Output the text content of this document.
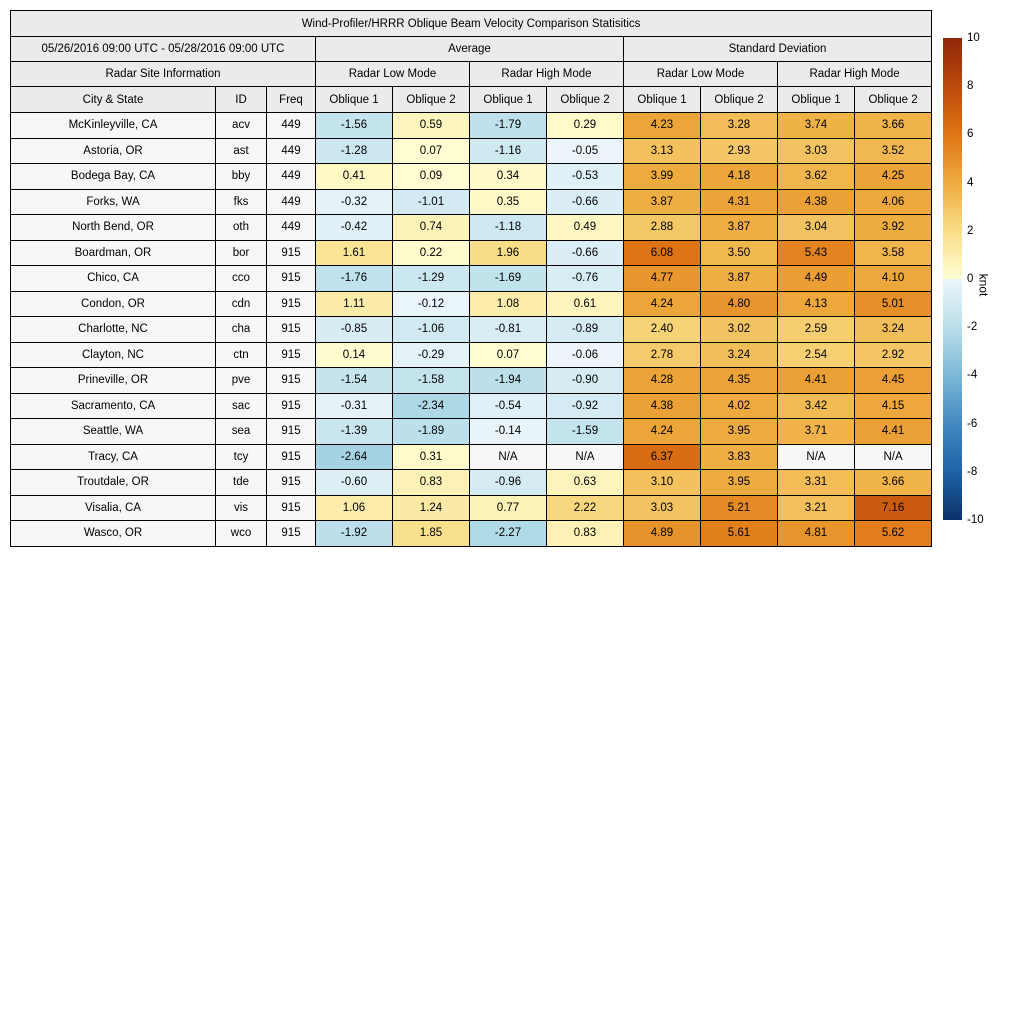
Wind-Profiler/HRRR Oblique Beam Velocity Comparison Statisitics										
05/26/2016 09:00 UTC - 05/28/2016 09:00 UTC			Average				Standard Deviation			
Radar Site Information			Radar Low Mode		Radar High Mode		Radar Low Mode		Radar High Mode	
City & State	ID	Freq	Oblique 1	Oblique 2	Oblique 1	Oblique 2	Oblique 1	Oblique 2	Oblique 1	Oblique 2
McKinleyville, CA	acv	449	-1.56	0.59	-1.79	0.29	4.23	3.28	3.74	3.66
Astoria, OR	ast	449	-1.28	0.07	-1.16	-0.05	3.13	2.93	3.03	3.52
Bodega Bay, CA	bby	449	0.41	0.09	0.34	-0.53	3.99	4.18	3.62	4.25
Forks, WA	fks	449	-0.32	-1.01	0.35	-0.66	3.87	4.31	4.38	4.06
North Bend, OR	oth	449	-0.42	0.74	-1.18	0.49	2.88	3.87	3.04	3.92
Boardman, OR	bor	915	1.61	0.22	1.96	-0.66	6.08	3.50	5.43	3.58
Chico, CA	cco	915	-1.76	-1.29	-1.69	-0.76	4.77	3.87	4.49	4.10
Condon, OR	cdn	915	1.11	-0.12	1.08	0.61	4.24	4.80	4.13	5.01
Charlotte, NC	cha	915	-0.85	-1.06	-0.81	-0.89	2.40	3.02	2.59	3.24
Clayton, NC	ctn	915	0.14	-0.29	0.07	-0.06	2.78	3.24	2.54	2.92
Prineville, OR	pve	915	-1.54	-1.58	-1.94	-0.90	4.28	4.35	4.41	4.45
Sacramento, CA	sac	915	-0.31	-2.34	-0.54	-0.92	4.38	4.02	3.42	4.15
Seattle, WA	sea	915	-1.39	-1.89	-0.14	-1.59	4.24	3.95	3.71	4.41
Tracy, CA	tcy	915	-2.64	0.31	N/A	N/A	6.37	3.83	N/A	N/A
Troutdale, OR	tde	915	-0.60	0.83	-0.96	0.63	3.10	3.95	3.31	3.66
Visalia, CA	vis	915	1.06	1.24	0.77	2.22	3.03	5.21	3.21	7.16
Wasco, OR	wco	915	-1.92	1.85	-2.27	0.83	4.89	5.61	4.81	5.62
10
8
6
4
2
0
-2
-4
-6
-8
-10
knot
